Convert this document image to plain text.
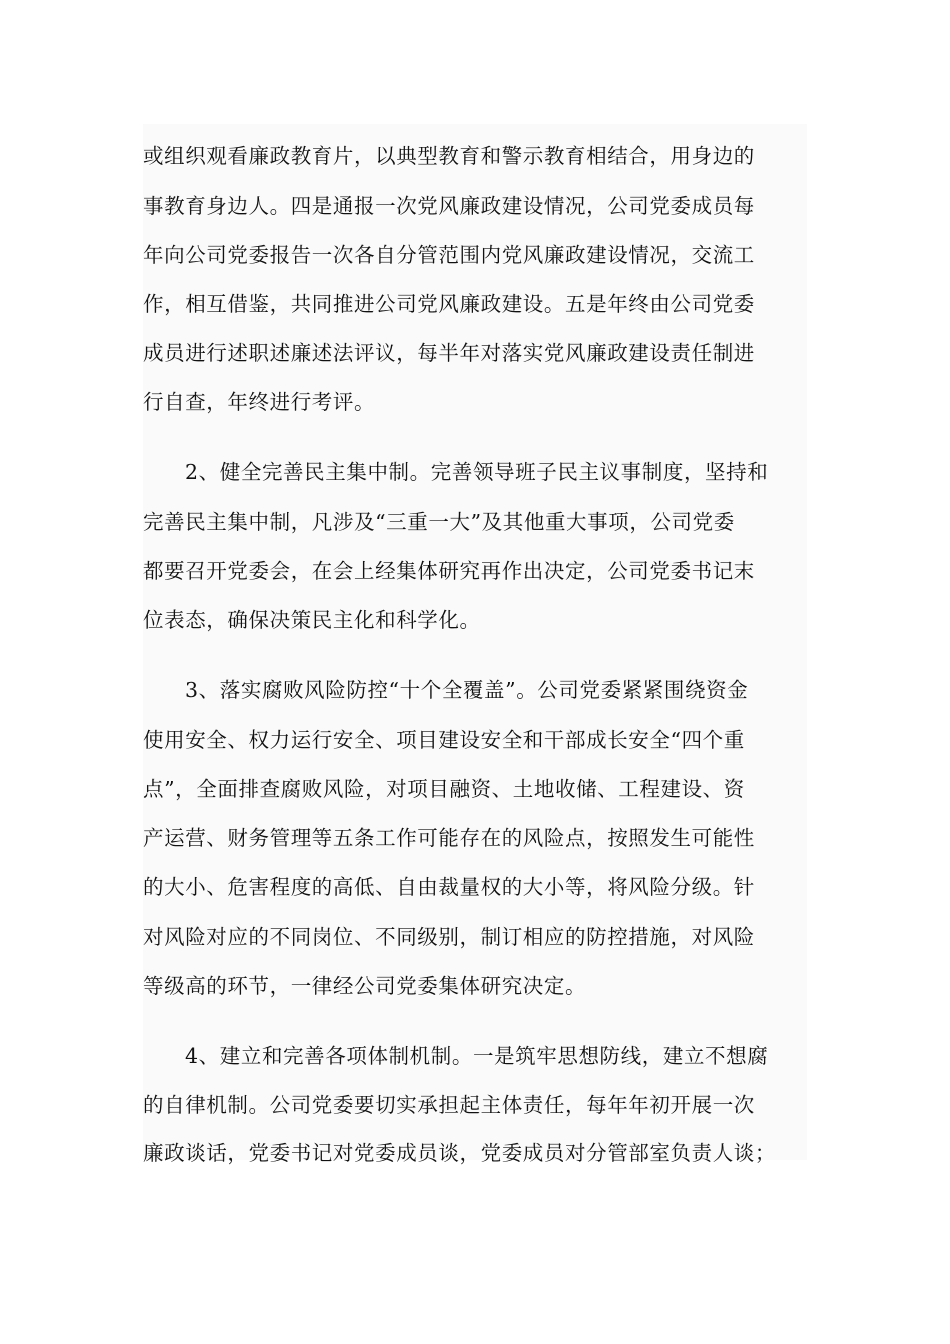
或组织观看廉政教育片，以典型教育和警示教育相结合，用身边的
事教育身边人。四是通报一次党风廉政建设情况，公司党委成员每
年向公司党委报告一次各自分管范围内党风廉政建设情况，交流工
作，相互借鉴，共同推进公司党风廉政建设。五是年终由公司党委
成员进行述职述廉述法评议，每半年对落实党风廉政建设责任制进
行自查，年终进行考评。
2、健全完善民主集中制。完善领导班子民主议事制度，坚持和
完善民主集中制，凡涉及“三重一大”及其他重大事项，公司党委
都要召开党委会，在会上经集体研究再作出决定，公司党委书记末
位表态，确保决策民主化和科学化。
3、落实腐败风险防控“十个全覆盖”。公司党委紧紧围绕资金
使用安全、权力运行安全、项目建设安全和干部成长安全“四个重
点”，全面排查腐败风险，对项目融资、土地收储、工程建设、资
产运营、财务管理等五条工作可能存在的风险点，按照发生可能性
的大小、危害程度的高低、自由裁量权的大小等，将风险分级。针
对风险对应的不同岗位、不同级别，制订相应的防控措施，对风险
等级高的环节，一律经公司党委集体研究决定。
4、建立和完善各项体制机制。一是筑牢思想防线，建立不想腐
的自律机制。公司党委要切实承担起主体责任，每年年初开展一次
廉政谈话，党委书记对党委成员谈，党委成员对分管部室负责人谈；
